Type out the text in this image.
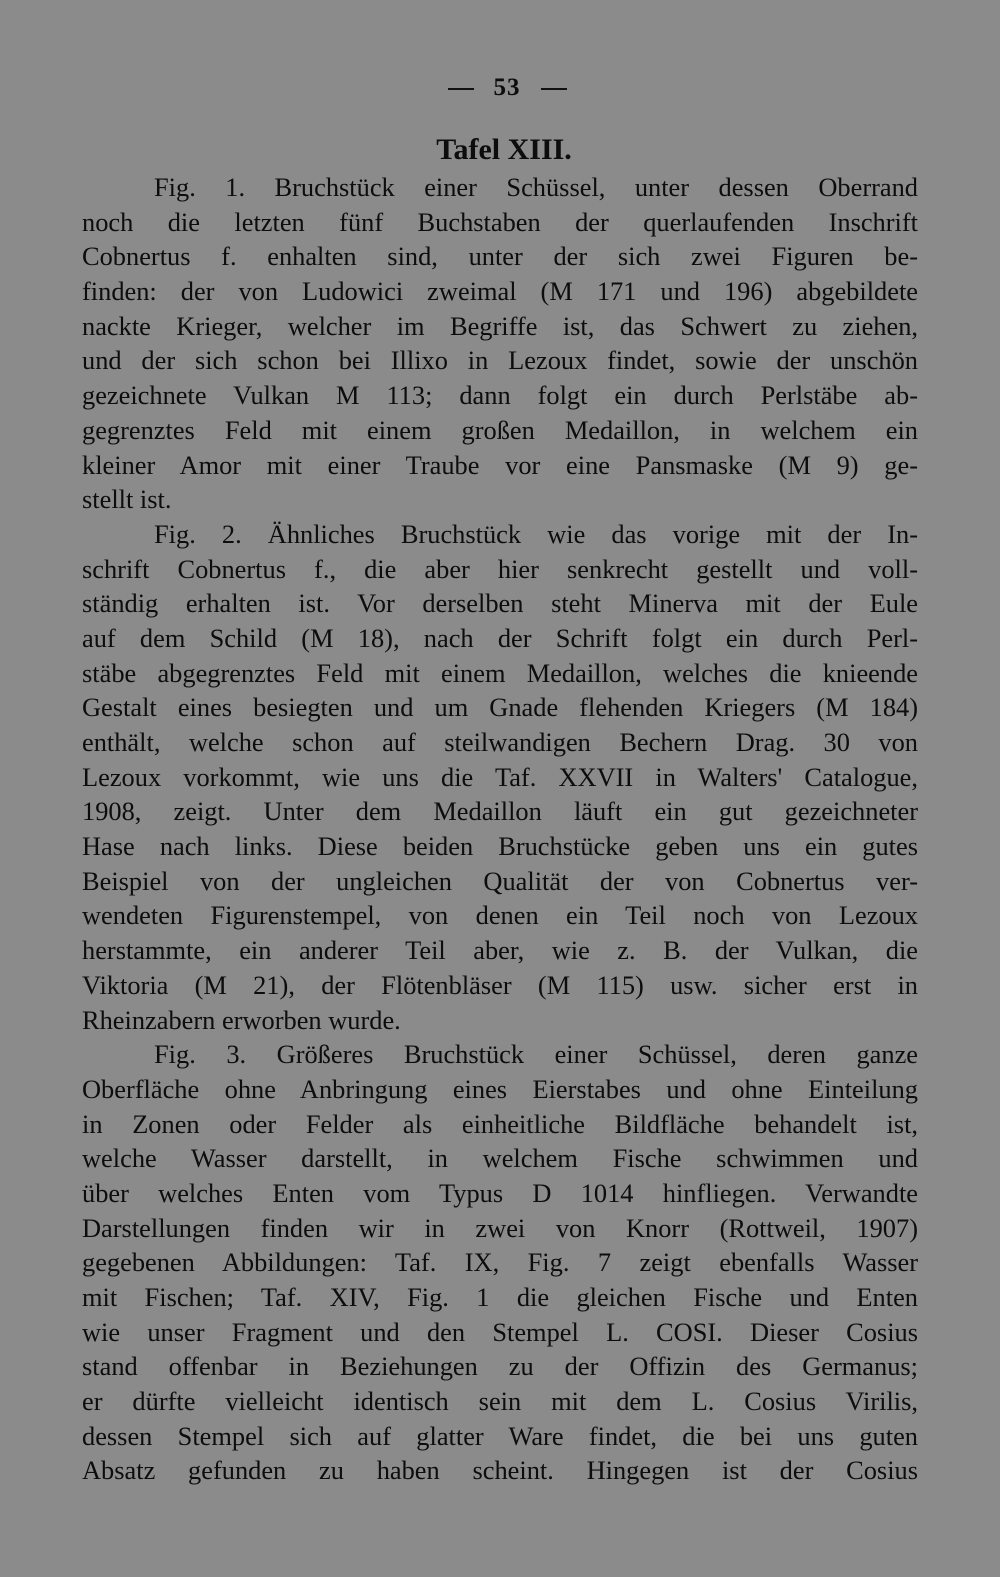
53
Tafel XIII.
Fig. 1. Bruchstück einer Schüssel, unter dessen Oberrand
noch die letzten fünf Buchstaben der querlaufenden Inschrift
Cobnertus f. enhalten sind, unter der sich zwei Figuren be-
finden: der von Ludowici zweimal (M 171 und 196) abgebildete
nackte Krieger, welcher im Begriffe ist, das Schwert zu ziehen,
und der sich schon bei Illixo in Lezoux findet, sowie der unschön
gezeichnete Vulkan M 113; dann folgt ein durch Perlstäbe ab-
gegrenztes Feld mit einem großen Medaillon, in welchem ein
kleiner Amor mit einer Traube vor eine Pansmaske (M 9) ge-
stellt ist.
Fig. 2. Ähnliches Bruchstück wie das vorige mit der In-
schrift Cobnertus f., die aber hier senkrecht gestellt und voll-
ständig erhalten ist. Vor derselben steht Minerva mit der Eule
auf dem Schild (M 18), nach der Schrift folgt ein durch Perl-
stäbe abgegrenztes Feld mit einem Medaillon, welches die knieende
Gestalt eines besiegten und um Gnade flehenden Kriegers (M 184)
enthält, welche schon auf steilwandigen Bechern Drag. 30 von
Lezoux vorkommt, wie uns die Taf. XXVII in Walters' Catalogue,
1908, zeigt. Unter dem Medaillon läuft ein gut gezeichneter
Hase nach links. Diese beiden Bruchstücke geben uns ein gutes
Beispiel von der ungleichen Qualität der von Cobnertus ver-
wendeten Figurenstempel, von denen ein Teil noch von Lezoux
herstammte, ein anderer Teil aber, wie z. B. der Vulkan, die
Viktoria (M 21), der Flötenbläser (M 115) usw. sicher erst in
Rheinzabern erworben wurde.
Fig. 3. Größeres Bruchstück einer Schüssel, deren ganze
Oberfläche ohne Anbringung eines Eierstabes und ohne Einteilung
in Zonen oder Felder als einheitliche Bildfläche behandelt ist,
welche Wasser darstellt, in welchem Fische schwimmen und
über welches Enten vom Typus D 1014 hinfliegen. Verwandte
Darstellungen finden wir in zwei von Knorr (Rottweil, 1907)
gegebenen Abbildungen: Taf. IX, Fig. 7 zeigt ebenfalls Wasser
mit Fischen; Taf. XIV, Fig. 1 die gleichen Fische und Enten
wie unser Fragment und den Stempel L. COSI. Dieser Cosius
stand offenbar in Beziehungen zu der Offizin des Germanus;
er dürfte vielleicht identisch sein mit dem L. Cosius Virilis,
dessen Stempel sich auf glatter Ware findet, die bei uns guten
Absatz gefunden zu haben scheint. Hingegen ist der Cosius
